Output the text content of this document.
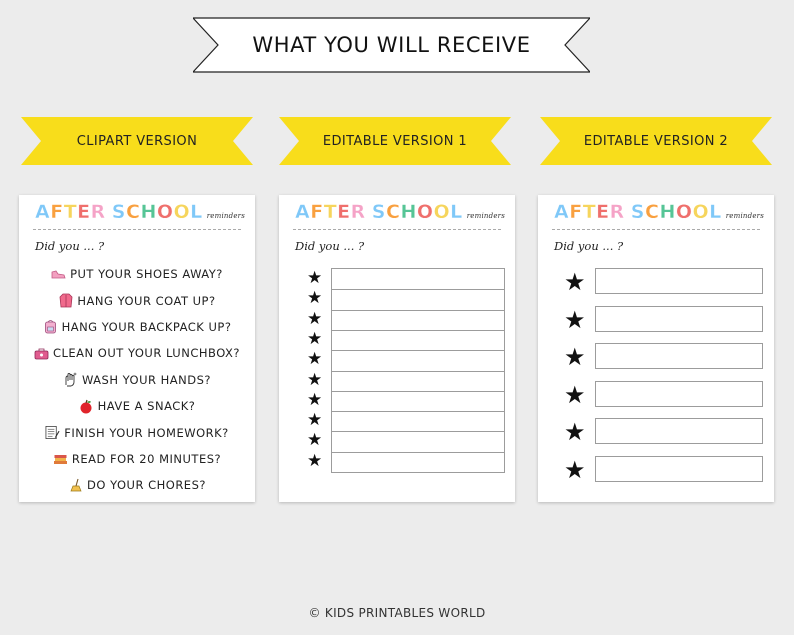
WHAT YOU WILL RECEIVE
CLIPART VERSION	EDITABLE VERSION 1	EDITABLE VERSION 2
AFTER SCHOOL reminders
Did you ... ?
PUT YOUR SHOES AWAY?
HANG YOUR COAT UP?
HANG YOUR BACKPACK UP?
CLEAN OUT YOUR LUNCHBOX?
WASH YOUR HANDS?
HAVE A SNACK?
FINISH YOUR HOMEWORK?
READ FOR 20 MINUTES?
DO YOUR CHORES?
AFTER SCHOOL reminders
Did you ... ?
★
★
★
★
★
★
★
★
★
★
AFTER SCHOOL reminders
Did you ... ?
★
★
★
★
★
★
© KIDS PRINTABLES WORLD
